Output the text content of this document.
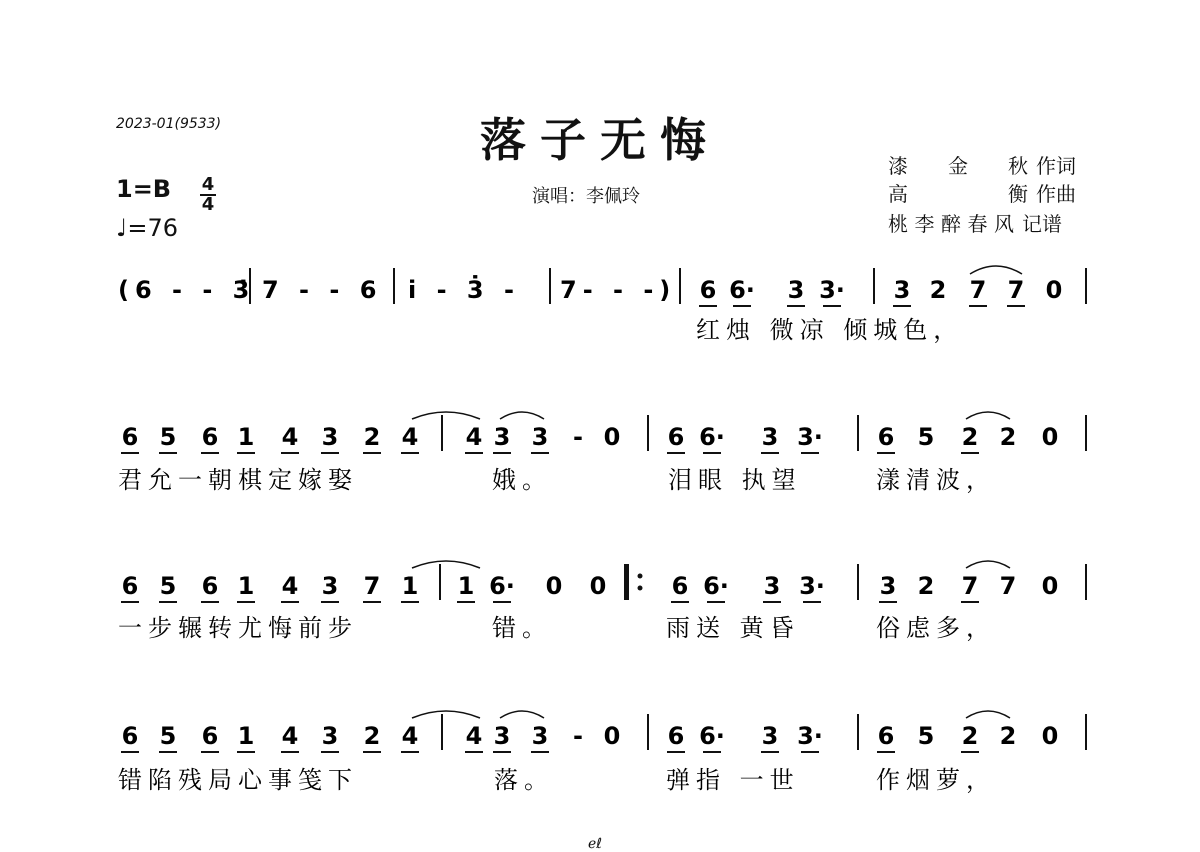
2023-01(9533)	落子无悔
演唱：李佩玲
漆金秋 作词
高衡 作曲
桃李醉春风 记谱
1=B 4
4
♩=76
(6 - - 3̇ 7 - - 6 i - 3̇ - 7- - -) 6 6· 3 3· 3 2 7 7 0
红烛 微凉 倾城色，
6 5 6 1 4 3 2 4 4 3 3 - 0 6 6· 3 3· 6 5 2 2 0
君允一朝棋定嫁娶	娥。	泪眼 执望	漾清波，
6 5 6 1 4 3 7 1 1 6· 0 0	6 6· 3 3· 3 2 7 7 0
一步辗转尤悔前步	错。	雨送 黄昏	俗虑多，
6 5 6 1 4 3 2 4 4 3 3 - 0 6 6· 3 3· 6 5 2 2 0
错陷残局心事笺下	落。	弹指 一世	作烟萝，
ℯℓ
